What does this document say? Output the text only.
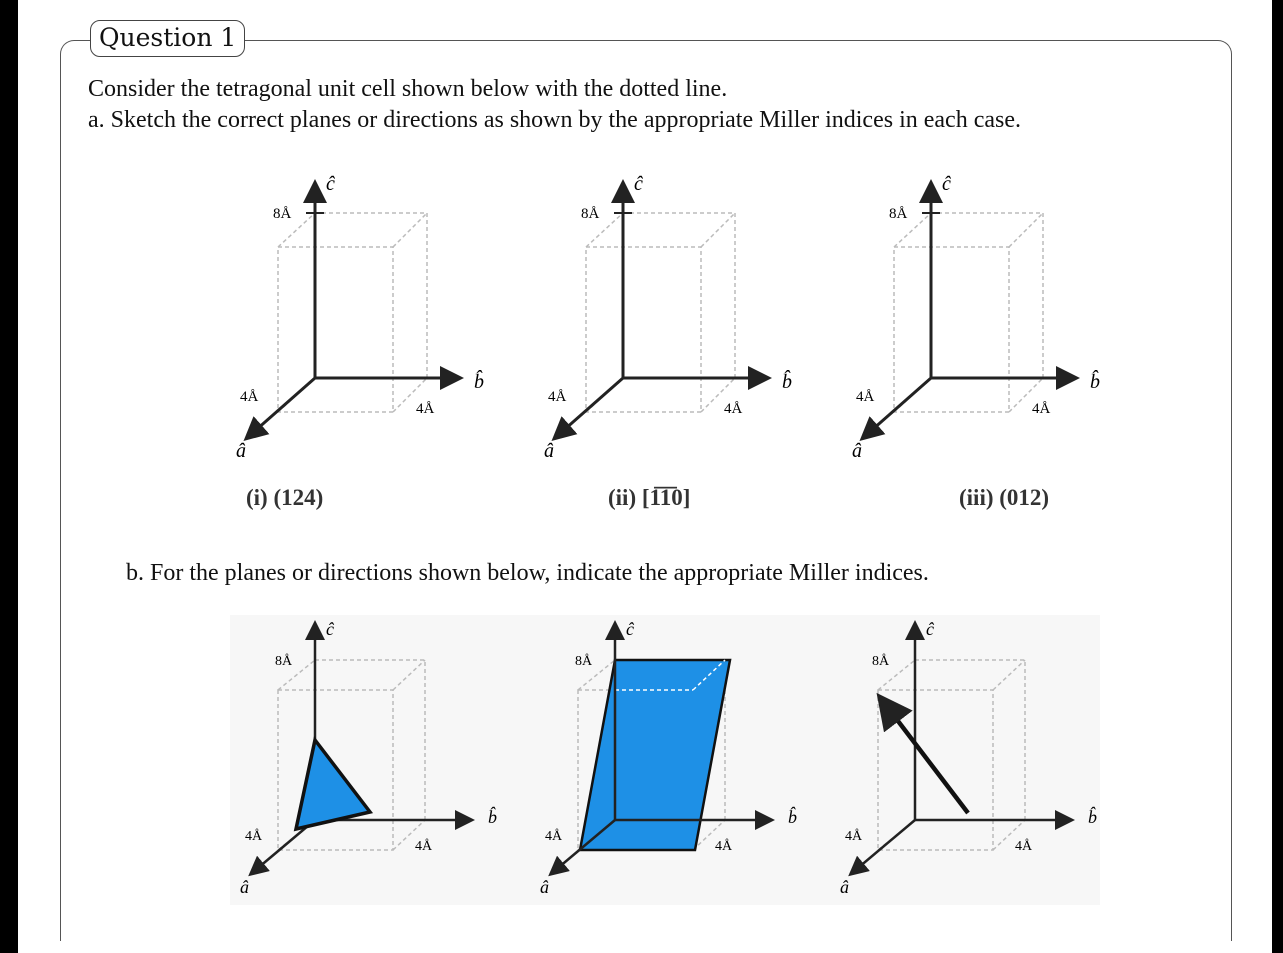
Question 1
Consider the tetragonal unit cell shown below with the dotted line.
a. Sketch the correct planes or directions as shown by the appropriate Miller indices in each case.
8Å
4Å
4Å
ĉ
b̂
â
(i) (124)
8Å
4Å
4Å
ĉ
b̂
â
(ii) [1̅1̅0]
8Å
4Å
4Å
ĉ
b̂
â
(iii) (012)
b. For the planes or directions shown below, indicate the appropriate Miller indices.
8Å
4Å
4Å
ĉ
b̂
â
8Å
4Å
4Å
ĉ
b̂
â
8Å
4Å
4Å
ĉ
b̂
â
